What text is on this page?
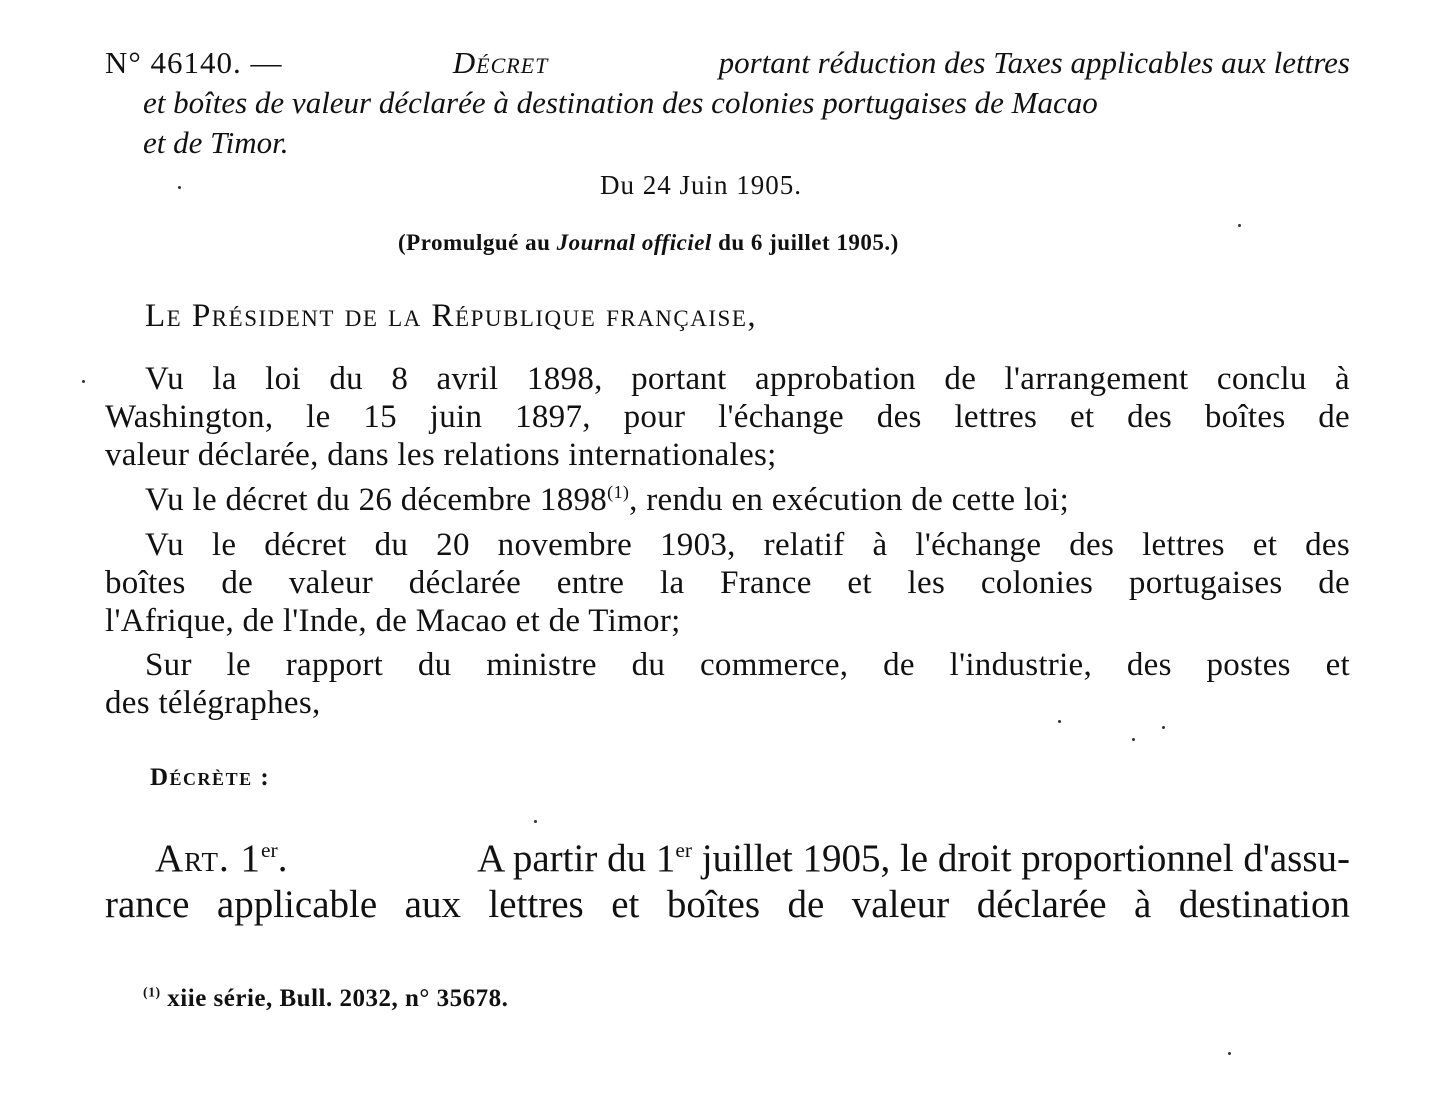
N° 46140. —	Décret	portant réduction des Taxes applicables aux lettres
et boîtes de valeur déclarée à destination des colonies portugaises de Macao
et de Timor.
Du 24 Juin 1905.
(Promulgué au Journal officiel du 6 juillet 1905.)
Le Président de la République française,
Vu la loi du 8 avril 1898, portant approbation de l'arrangement conclu à
Washington, le 15 juin 1897, pour l'échange des lettres et des boîtes de
valeur déclarée, dans les relations internationales;
Vu le décret du 26 décembre 1898$^{(1)}$, rendu en exécution de cette loi;
Vu le décret du 20 novembre 1903, relatif à l'échange des lettres et des
boîtes de valeur déclarée entre la France et les colonies portugaises de
l'Afrique, de l'Inde, de Macao et de Timor;
Sur le rapport du ministre du commerce, de l'industrie, des postes et
des télégraphes,
Décrète :
Art. 1er.	A partir du 1er juillet 1905, le droit proportionnel d'assu-
rance applicable aux lettres et boîtes de valeur déclarée à destination
$^{(1)}$ xiie série, Bull. 2032, n° 35678.
